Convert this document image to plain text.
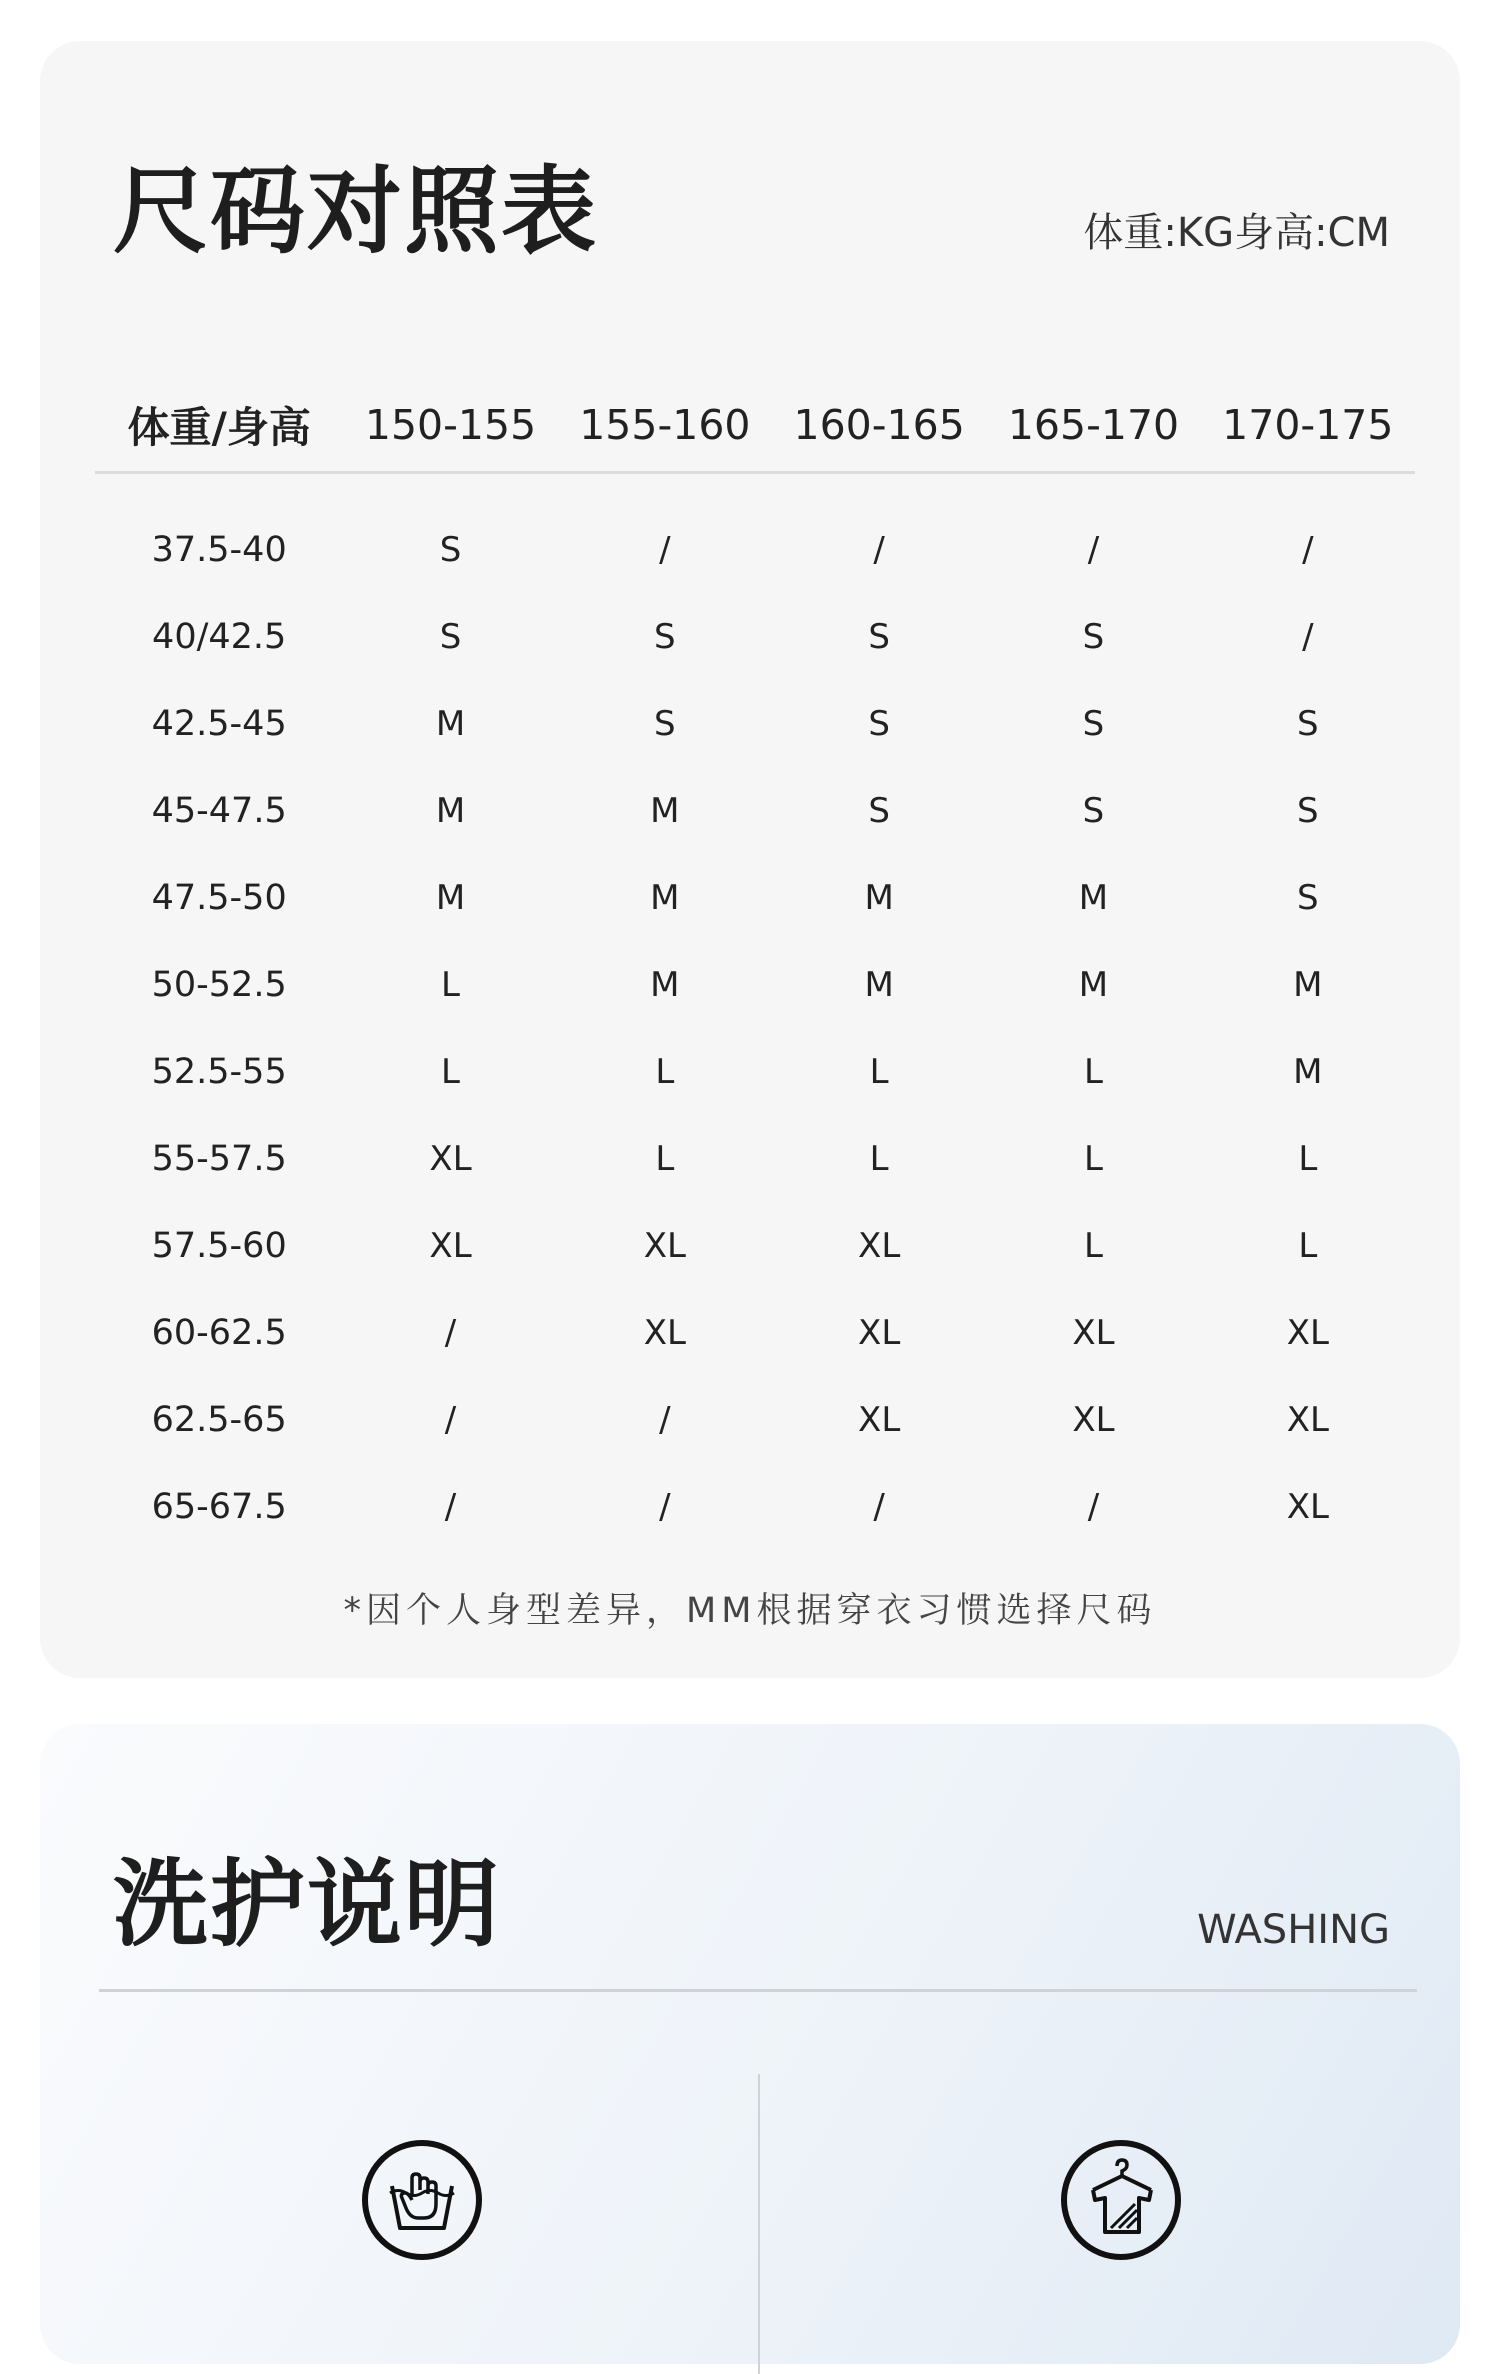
尺码对照表	体重:KG身高:CM
体重/身高	150-155	155-160	160-165	165-170	170-175

37.5-40	S	/	/	/	/
40/42.5	S	S	S	S	/
42.5-45	M	S	S	S	S
45-47.5	M	M	S	S	S
47.5-50	M	M	M	M	S
50-52.5	L	M	M	M	M
52.5-55	L	L	L	L	M
55-57.5	XL	L	L	L	L
57.5-60	XL	XL	XL	L	L
60-62.5	/	XL	XL	XL	XL
62.5-65	/	/	XL	XL	XL
65-67.5	/	/	/	/	XL
*因个人身型差异，MM根据穿衣习惯选择尺码
洗护说明	WASHING
